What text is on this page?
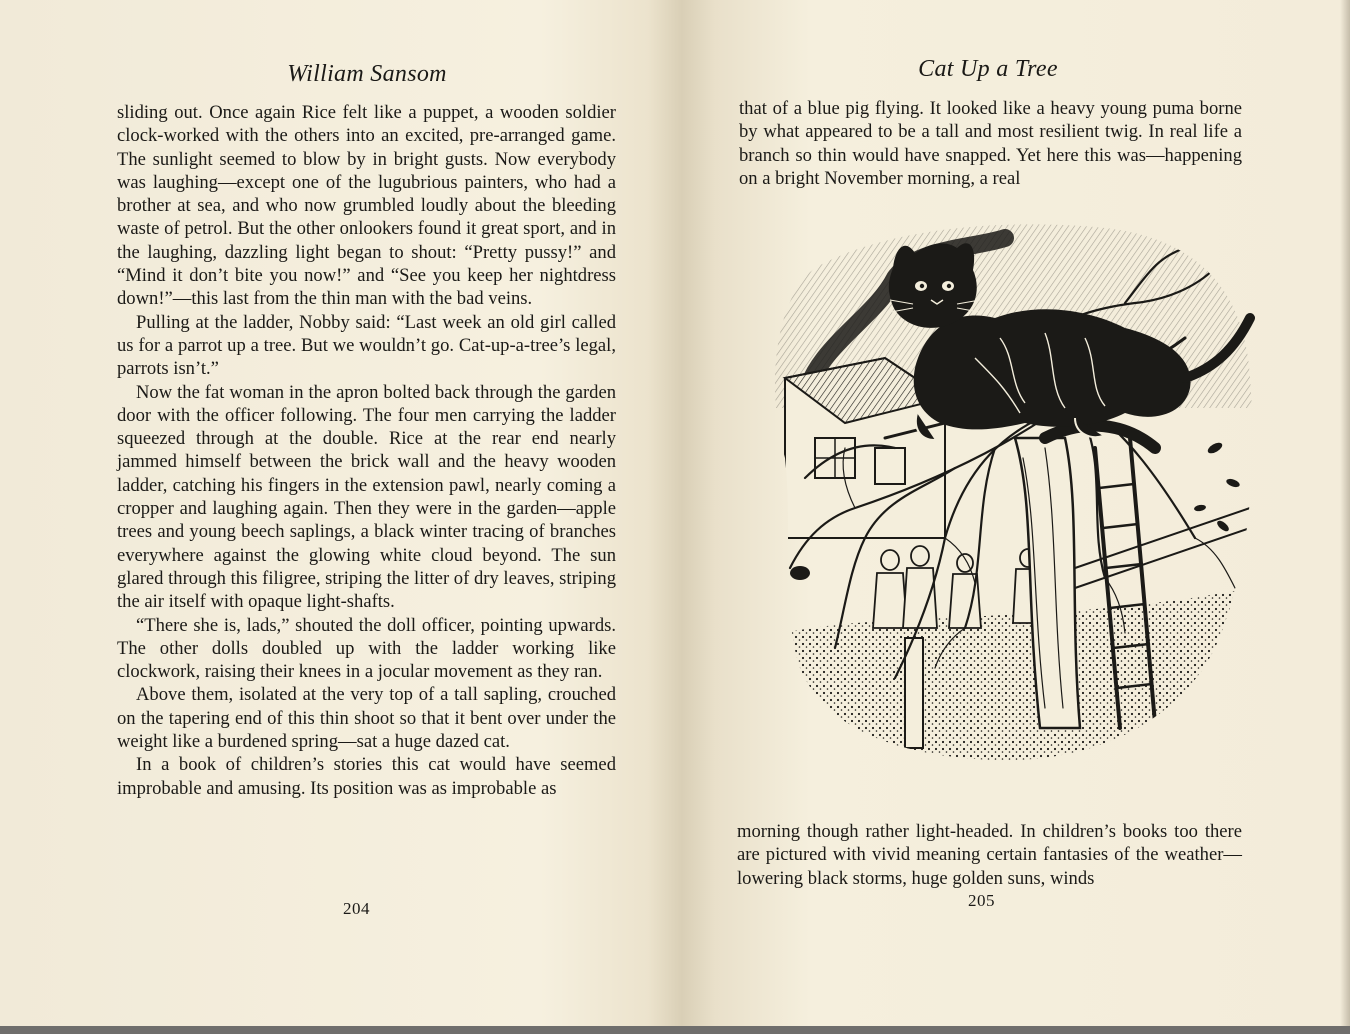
William Sansom

sliding out. Once again Rice felt like a puppet, a wooden soldier clock-worked with the others into an excited, pre-arranged game. The sunlight seemed to blow by in bright gusts. Now everybody was laughing—except one of the lugubrious painters, who had a brother at sea, and who now grumbled loudly about the bleeding waste of petrol. But the other onlookers found it great sport, and in the laughing, dazzling light began to shout: “Pretty pussy!” and “Mind it don’t bite you now!” and “See you keep her nightdress down!”—this last from the thin man with the bad veins.

Pulling at the ladder, Nobby said: “Last week an old girl called us for a parrot up a tree. But we wouldn’t go. Cat-up-a-tree’s legal, parrots isn’t.”

Now the fat woman in the apron bolted back through the garden door with the officer following. The four men carrying the ladder squeezed through at the double. Rice at the rear end nearly jammed himself between the brick wall and the heavy wooden ladder, catching his fingers in the extension pawl, nearly coming a cropper and laughing again. Then they were in the garden—apple trees and young beech saplings, a black winter tracing of branches everywhere against the glowing white cloud beyond. The sun glared through this filigree, striping the litter of dry leaves, striping the air itself with opaque light-shafts.

“There she is, lads,” shouted the doll officer, pointing upwards. The other dolls doubled up with the ladder working like clockwork, raising their knees in a jocular movement as they ran.

Above them, isolated at the very top of a tall sapling, crouched on the tapering end of this thin shoot so that it bent over under the weight like a burdened spring—sat a huge dazed cat.

In a book of children’s stories this cat would have seemed improbable and amusing. Its position was as improbable as

204
Cat Up a Tree

that of a blue pig flying. It looked like a heavy young puma borne by what appeared to be a tall and most resilient twig. In real life a branch so thin would have snapped. Yet here this was—happening on a bright November morning, a real

morning though rather light-headed. In children’s books too there are pictured with vivid meaning certain fantasies of the weather—lowering black storms, huge golden suns, winds

205
